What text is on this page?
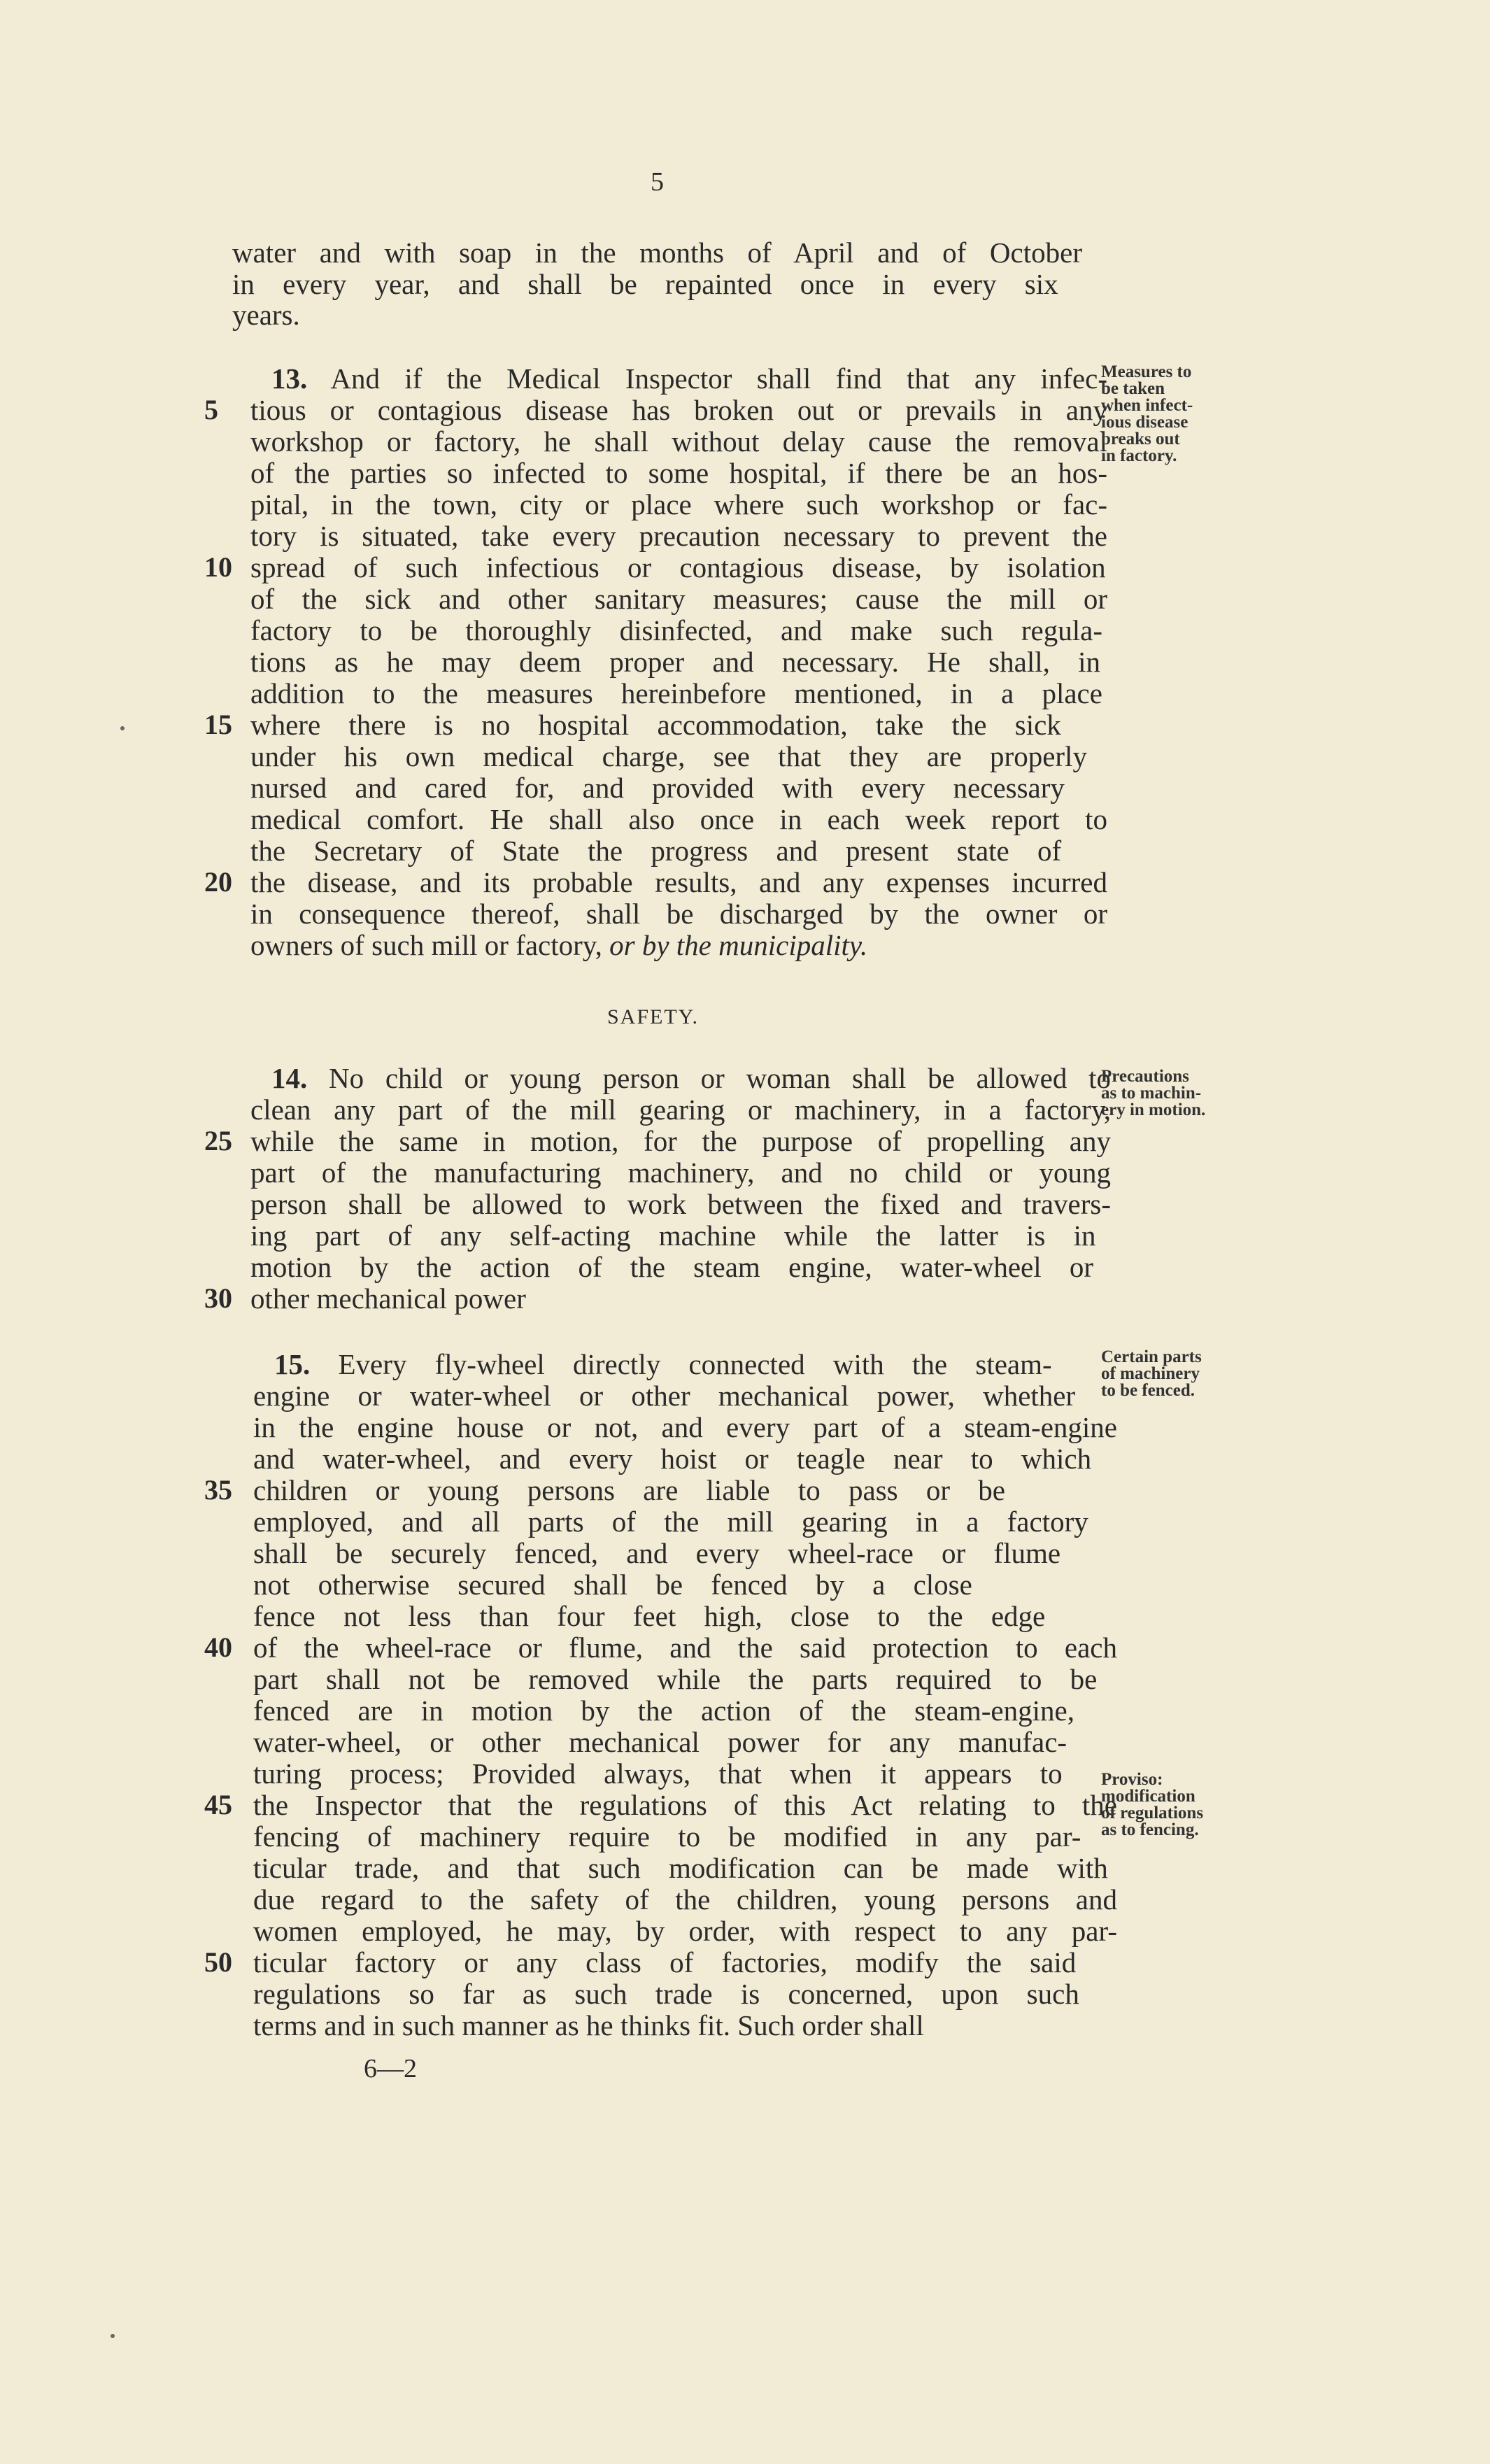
5
water and with soap in the months of April and of October
in every year, and shall be repainted once in every six
years.
13. And if the Medical Inspector shall find that any infec-
5	tious or contagious disease has broken out or prevails in any
workshop or factory, he shall without delay cause the removal
of the parties so infected to some hospital, if there be an hos-
pital, in the town, city or place where such workshop or fac-
tory is situated, take every precaution necessary to prevent the
10 spread of such infectious or contagious disease, by isolation
of the sick and other sanitary measures; cause the mill or
factory to be thoroughly disinfected, and make such regula-
tions as he may deem proper and necessary. He shall, in
addition to the measures hereinbefore mentioned, in a place
15 where there is no hospital accommodation, take the sick
under his own medical charge, see that they are properly
nursed and cared for, and provided with every necessary
medical comfort. He shall also once in each week report to
the Secretary of State the progress and present state of
20 the disease, and its probable results, and any expenses incurred
in consequence thereof, shall be discharged by the owner or
owners of such mill or factory, or by the municipality.
14. No child or young person or woman shall be allowed to
clean any part of the mill gearing or machinery, in a factory,
25 while the same in motion, for the purpose of propelling any
part of the manufacturing machinery, and no child or young
person shall be allowed to work between the fixed and travers-
ing part of any self-acting machine while the latter is in
motion by the action of the steam engine, water-wheel or
30 other mechanical power
15. Every fly-wheel directly connected with the steam-
engine or water-wheel or other mechanical power, whether
in the engine house or not, and every part of a steam-engine
and water-wheel, and every hoist or teagle near to which
35 children or young persons are liable to pass or be
employed, and all parts of the mill gearing in a factory
shall be securely fenced, and every wheel-race or flume
not otherwise secured shall be fenced by a close
fence not less than four feet high, close to the edge
40 of the wheel-race or flume, and the said protection to each
part shall not be removed while the parts required to be
fenced are in motion by the action of the steam-engine,
water-wheel, or other mechanical power for any manufac-
turing process; Provided always, that when it appears to
45 the Inspector that the regulations of this Act relating to the
fencing of machinery require to be modified in any par-
ticular trade, and that such modification can be made with
due regard to the safety of the children, young persons and
women employed, he may, by order, with respect to any par-
50 ticular factory or any class of factories, modify the said
regulations so far as such trade is concerned, upon such
terms and in such manner as he thinks fit. Such order shall
SAFETY.
Measures to
be taken
when infect-
ious disease
breaks out
in factory.
Precautions
as to machin-
ery in motion.
Certain parts
of machinery
to be fenced.
Proviso:
modification
of regulations
as to fencing.
6—2
